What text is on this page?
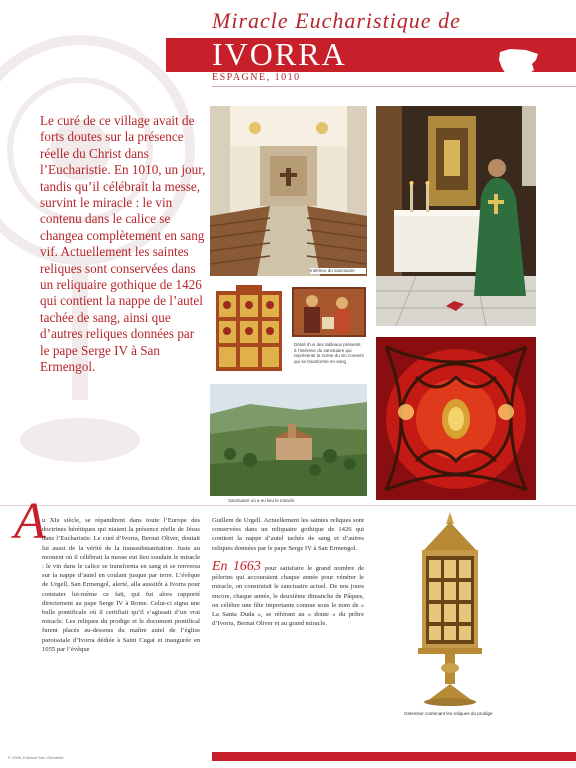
Miracle Eucharistique de
IVORRA
ESPAGNE, 1010
Le curé de ce village avait de forts doutes sur la présence réelle du Christ dans l’Eucharistie. En 1010, un jour, tandis qu’il célébrait la messe, survint le miracle : le vin contenu dans le calice se changea complètement en sang vif. Actuellement les saintes reliques sont conservées dans un reliquaire gothique de 1426 qui contient la nappe de l’autel tachée de sang, ainsi que d’autres reliques données par le pape Serge IV à San Ermengol.
Intérieur du sanctuaire
Détail d’un des tableaux présents à l’intérieur du sanctuaire qui représente la scène du vin converti qui se transforme en sang
Sanctuaire où a eu lieu le miracle
A
u XIe siècle, se répandirent dans toute l’Europe des doctrines hérétiques qui niaient la présence réelle de Jésus dans l’Eucharistie. Le curé d’Ivorra, Bernat Oliver, doutait lui aussi de la vérité de la transsubstantiation. Juste au moment où il célébrait la messe eut lieu soudain le miracle : le vin dans le calice se transforma en sang et se renversa sur la nappe d’autel en coulant jusque par terre. L’évêque de Urgell, San Ermengol, alerté, alla aussitôt à Ivorra pour constater lui-même ce fait, qui fut alors rapporté directement au pape Serge IV à Rome. Celui-ci signa une bulle pontificale où il certifiait qu’il s’agissait d’un vrai miracle. Les reliques du prodige et le document pontifical furent placés au-dessous du maître autel de l’église paroissiale d’Ivorra dédiée à Saint Cugat et inaugurée en 1055 par l’évêque
Guillem de Urgell. Actuellement les saintes reliques sont conservées dans un reliquaire gothique de 1426 qui contient la nappe d’autel tachée de sang et d’autres reliques données par le pape Serge IV à San Ermengol.

En 1663 pour satisfaire le grand nombre de pèlerins qui accouraient chaque année pour vénérer le miracle, on construisit le sanctuaire actuel. De nos jours encore, chaque année, le deuxième dimanche de Pâques, on célèbre une fête importante connue sous le nom de « La Santa Duda », se référant au « doute » du prêtre d’Ivorra, Bernat Oliver et au grand miracle.
Ostensoir contenant les reliques du prodige
© 2006, Edizioni San Clemente
